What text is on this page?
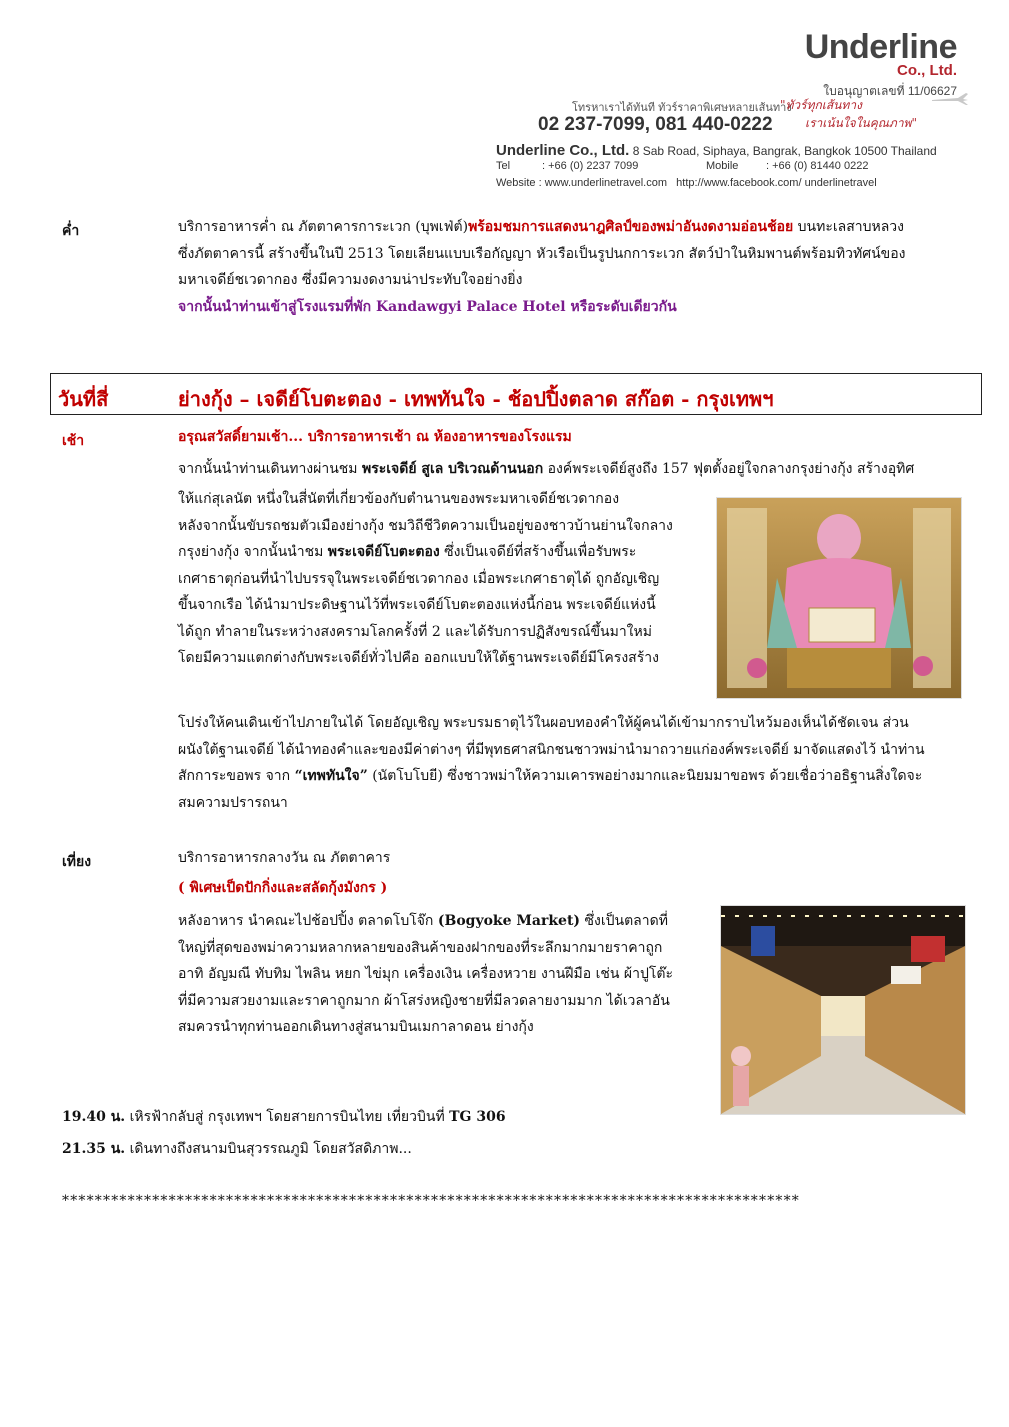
Underline
Co., Ltd.
ใบอนุญาตเลขที่ 11/06627
โทรหาเราได้ทันที ทัวร์ราคาพิเศษหลายเส้นทาง
"ทัวร์ทุกเส้นทาง
เราเน้นใจในคุณภาพ"
02 237-7099, 081 440-0222
Underline Co., Ltd. 8 Sab Road, Siphaya, Bangrak, Bangkok 10500 Thailand
Tel	: +66 (0) 2237 7099	Mobile	: +66 (0) 81440 0222
Website : www.underlinetravel.com http://www.facebook.com/ underlinetravel
ค่ำ	บริการอาหารค่ำ ณ ภัตตาคารการะเวก (บุพเฟ่ต์)พร้อมชมการแสดงนาฎศิลป์ของพม่าอันงดงามอ่อนช้อย บนทะเลสาบหลวง
ซึ่งภัตตาคารนี้ สร้างขึ้นในปี 2513 โดยเลียนแบบเรือกัญญา หัวเรือเป็นรูปนกการะเวก สัตว์ป่าในหิมพานต์พร้อมทิวทัศน์ของ
มหาเจดีย์ชเวดากอง ซึ่งมีความงดงามน่าประทับใจอย่างยิ่ง
จากนั้นนำท่านเข้าสู่โรงแรมที่พัก Kandawgyi Palace Hotel หรือระดับเดียวกัน
วันที่สี่	ย่างกุ้ง – เจดีย์โบตะตอง - เทพทันใจ - ช้อปปิ้งตลาด สก๊อต - กรุงเทพฯ
เช้า	อรุณสวัสดิ์ยามเช้า... บริการอาหารเช้า ณ ห้องอาหารของโรงแรม
จากนั้นนำท่านเดินทางผ่านชม พระเจดีย์ สูเล บริเวณด้านนอก องค์พระเจดีย์สูงถึง 157 ฟุตตั้งอยู่ใจกลางกรุงย่างกุ้ง สร้างอุทิศ
ให้แก่สุเลนัต หนึ่งในสี่นัตที่เกี่ยวข้องกับตำนานของพระมหาเจดีย์ชเวดากอง
หลังจากนั้นขับรถชมตัวเมืองย่างกุ้ง ชมวิถีชีวิตความเป็นอยู่ของชาวบ้านย่านใจกลาง
กรุงย่างกุ้ง จากนั้นนำชม พระเจดีย์โบตะตอง ซึ่งเป็นเจดีย์ที่สร้างขึ้นเพื่อรับพระ
เกศาธาตุก่อนที่นำไปบรรจุในพระเจดีย์ชเวดากอง เมื่อพระเกศาธาตุได้ ถูกอัญเชิญ
ขึ้นจากเรือ ได้นำมาประดิษฐานไว้ที่พระเจดีย์โบตะตองแห่งนี้ก่อน พระเจดีย์แห่งนี้
ได้ถูก ทำลายในระหว่างสงครามโลกครั้งที่ 2 และได้รับการปฏิสังขรณ์ขึ้นมาใหม่
โดยมีความแตกต่างกับพระเจดีย์ทั่วไปคือ ออกแบบให้ใต้ฐานพระเจดีย์มีโครงสร้าง
โปร่งให้คนเดินเข้าไปภายในได้ โดยอัญเชิญ พระบรมธาตุไว้ในผอบทองคำให้ผู้คนได้เข้ามากราบไหว้มองเห็นได้ชัดเจน ส่วน
ผนังใต้ฐานเจดีย์ ได้นำทองคำและของมีค่าต่างๆ ที่มีพุทธศาสนิกชนชาวพม่านำมาถวายแก่องค์พระเจดีย์ มาจัดแสดงไว้ นำท่าน
สักการะขอพร จาก “เทพทันใจ” (นัตโบโบยี) ซึ่งชาวพม่าให้ความเคารพอย่างมากและนิยมมาขอพร ด้วยเชื่อว่าอธิฐานสิ่งใดจะ
สมความปรารถนา
เที่ยง	บริการอาหารกลางวัน ณ ภัตตาคาร
( พิเศษเป็ดปักกิ่งและสลัดกุ้งมังกร )
หลังอาหาร นำคณะไปช้อปปิ้ง ตลาดโบโจ๊ก (Bogyoke Market) ซึ่งเป็นตลาดที่
ใหญ่ที่สุดของพม่าความหลากหลายของสินค้าของฝากของที่ระลึกมากมายราคาถูก
อาทิ อัญมณี ทับทิม ไพลิน หยก ไข่มุก เครื่องเงิน เครื่องหวาย งานฝีมือ เช่น ผ้าปูโต๊ะ
ที่มีความสวยงามและราคาถูกมาก ผ้าโสร่งหญิงชายที่มีลวดลายงามมาก ได้เวลาอัน
สมควรนำทุกท่านออกเดินทางสู่สนามบินเมกาลาดอน ย่างกุ้ง
19.40 น. เหิรฟ้ากลับสู่ กรุงเทพฯ โดยสายการบินไทย เที่ยวบินที่ TG 306
21.35 น. เดินทางถึงสนามบินสุวรรณภูมิ โดยสวัสดิภาพ...
******************************************************************************************
